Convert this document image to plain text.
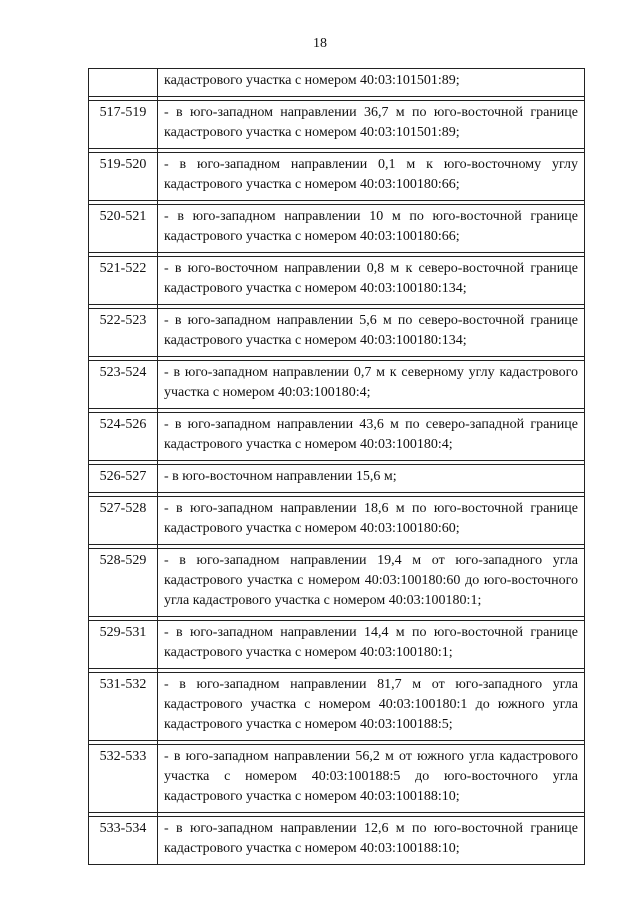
18
	кадастрового участка с номером 40:03:101501:89;

517-519	- в юго-западном направлении 36,7 м по юго-восточной границе кадастрового участка с номером 40:03:101501:89;

519-520	- в юго-западном направлении 0,1 м к юго-восточному углу кадастрового участка с номером 40:03:100180:66;

520-521	- в юго-западном направлении 10 м по юго-восточной границе кадастрового участка с номером 40:03:100180:66;

521-522	- в юго-восточном направлении 0,8 м к северо-восточной границе кадастрового участка с номером 40:03:100180:134;

522-523	- в юго-западном направлении 5,6 м по северо-восточной границе кадастрового участка с номером 40:03:100180:134;

523-524	- в юго-западном направлении 0,7 м к северному углу кадастрового участка с номером 40:03:100180:4;

524-526	- в юго-западном направлении 43,6 м по северо-западной границе кадастрового участка с номером 40:03:100180:4;

526-527	- в юго-восточном направлении 15,6 м;

527-528	- в юго-западном направлении 18,6 м по юго-восточной границе кадастрового участка с номером 40:03:100180:60;

528-529	- в юго-западном направлении 19,4 м от юго-западного угла кадастрового участка с номером 40:03:100180:60 до юго-восточного угла кадастрового участка с номером 40:03:100180:1;

529-531	- в юго-западном направлении 14,4 м по юго-восточной границе кадастрового участка с номером 40:03:100180:1;

531-532	- в юго-западном направлении 81,7 м от юго-западного угла кадастрового участка с номером 40:03:100180:1 до южного угла кадастрового участка с номером 40:03:100188:5;

532-533	- в юго-западном направлении 56,2 м от южного угла кадастрового участка с номером 40:03:100188:5 до юго-восточного угла кадастрового участка с номером 40:03:100188:10;

533-534	- в юго-западном направлении 12,6 м по юго-восточной границе кадастрового участка с номером 40:03:100188:10;
